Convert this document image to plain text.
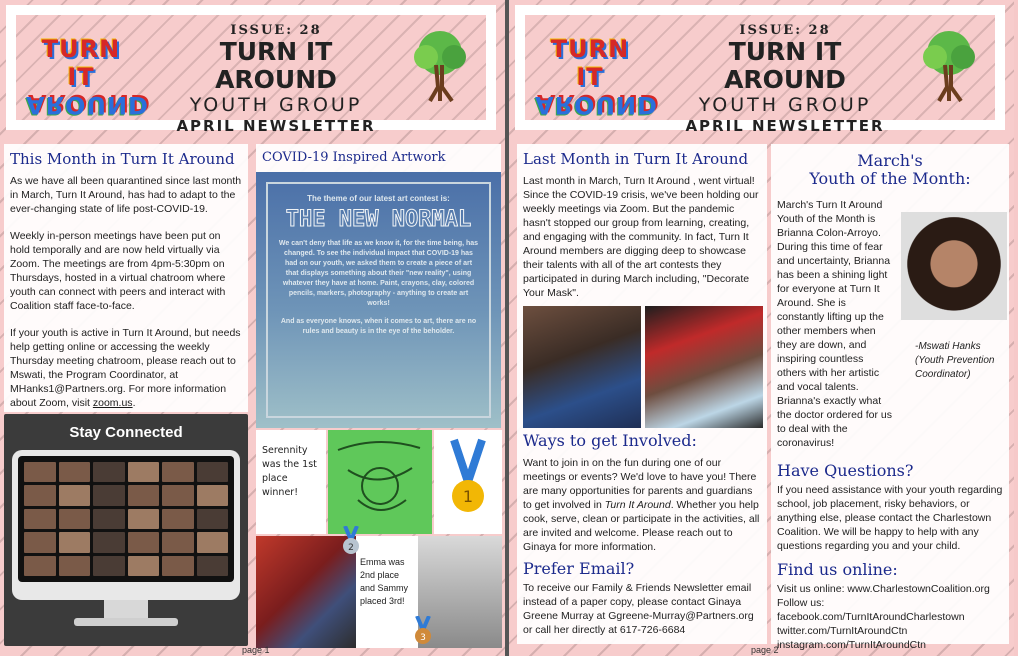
TURN IT
AROUND
ISSUE: 28
TURN IT AROUND
YOUTH GROUP
APRIL NEWSLETTER
This Month in Turn It Around

As we have all been quarantined since last month in March, Turn It Around, has had to adapt to the ever-changing state of life post-COVID-19.

Weekly in-person meetings have been put on hold temporally and are now held virtually via Zoom. The meetings are from 4pm-5:30pm on Thursdays, hosted in a virtual chatroom where youth can connect with peers and interact with Coalition staff face-to-face.

If your youth is active in Turn It Around, but needs help getting online or accessing the weekly Thursday meeting chatroom, please reach out to Mswati, the Program Coordinator, at MHanks1@Partners.org. For more information about Zoom, visit zoom.us.

Stay Connected
COVID-19 Inspired Artwork
The theme of our latest art contest is:
THE NEW NORMAL
We can't deny that life as we know it, for the time being, has changed. To see the individual impact that COVID-19 has had on our youth, we asked them to create a piece of art that displays something about their "new reality", using whatever they have at home. Paint, crayons, clay, colored pencils, markers, photography - anything to create art works!
And as everyone knows, when it comes to art, there are no rules and beauty is in the eye of the beholder.
Serennity was the 1st place winner!	1
Emma was 2nd place and Sammy placed 3rd!
2
3
page 1
TURN IT
AROUND
ISSUE: 28
TURN IT AROUND
YOUTH GROUP
APRIL NEWSLETTER
Last Month in Turn It Around

Last month in March, Turn It Around , went virtual! Since the COVID-19 crisis, we've been holding our weekly meetings via Zoom. But the pandemic hasn't stopped our group from learning, creating, and engaging with the community. In fact, Turn It Around members are digging deep to showcase their talents with all of the art contests they participated in during March including, "Decorate Your Mask".

Ways to get Involved:

Want to join in on the fun during one of our meetings or events? We'd love to have you! There are many opportunities for parents and guardians to get involved in Turn It Around. Whether you help cook, serve, clean or participate in the activities, all are invited and welcome. Please reach out to Ginaya for more information.

Prefer Email?

To receive our Family & Friends Newsletter email instead of a paper copy, please contact Ginaya Greene Murray at Ggreene-Murray@Partners.org or call her directly at 617-726-6684

March's
Youth of the Month:

March's Turn It Around Youth of the Month is Brianna Colon-Arroyo. During this time of fear and uncertainty, Brianna has been a shining light for everyone at Turn It Around. She is constantly lifting up the other members when they are down, and inspiring countless others with her artistic and vocal talents. Brianna's exactly what the doctor ordered for us to deal with the coronavirus!

Have Questions?

If you need assistance with your youth regarding school, job placement, risky behaviors, or anything else, please contact the Charlestown Coalition. We will be happy to help with any questions regarding you and your child.

Find us online:

Visit us online: www.CharlestownCoalition.org
Follow us:
facebook.com/TurnItAroundCharlestown
twitter.com/TurnItAroundCtn
instagram.com/TurnItAroundCtn

-Mswati Hanks
(Youth Prevention Coordinator)
page 2
